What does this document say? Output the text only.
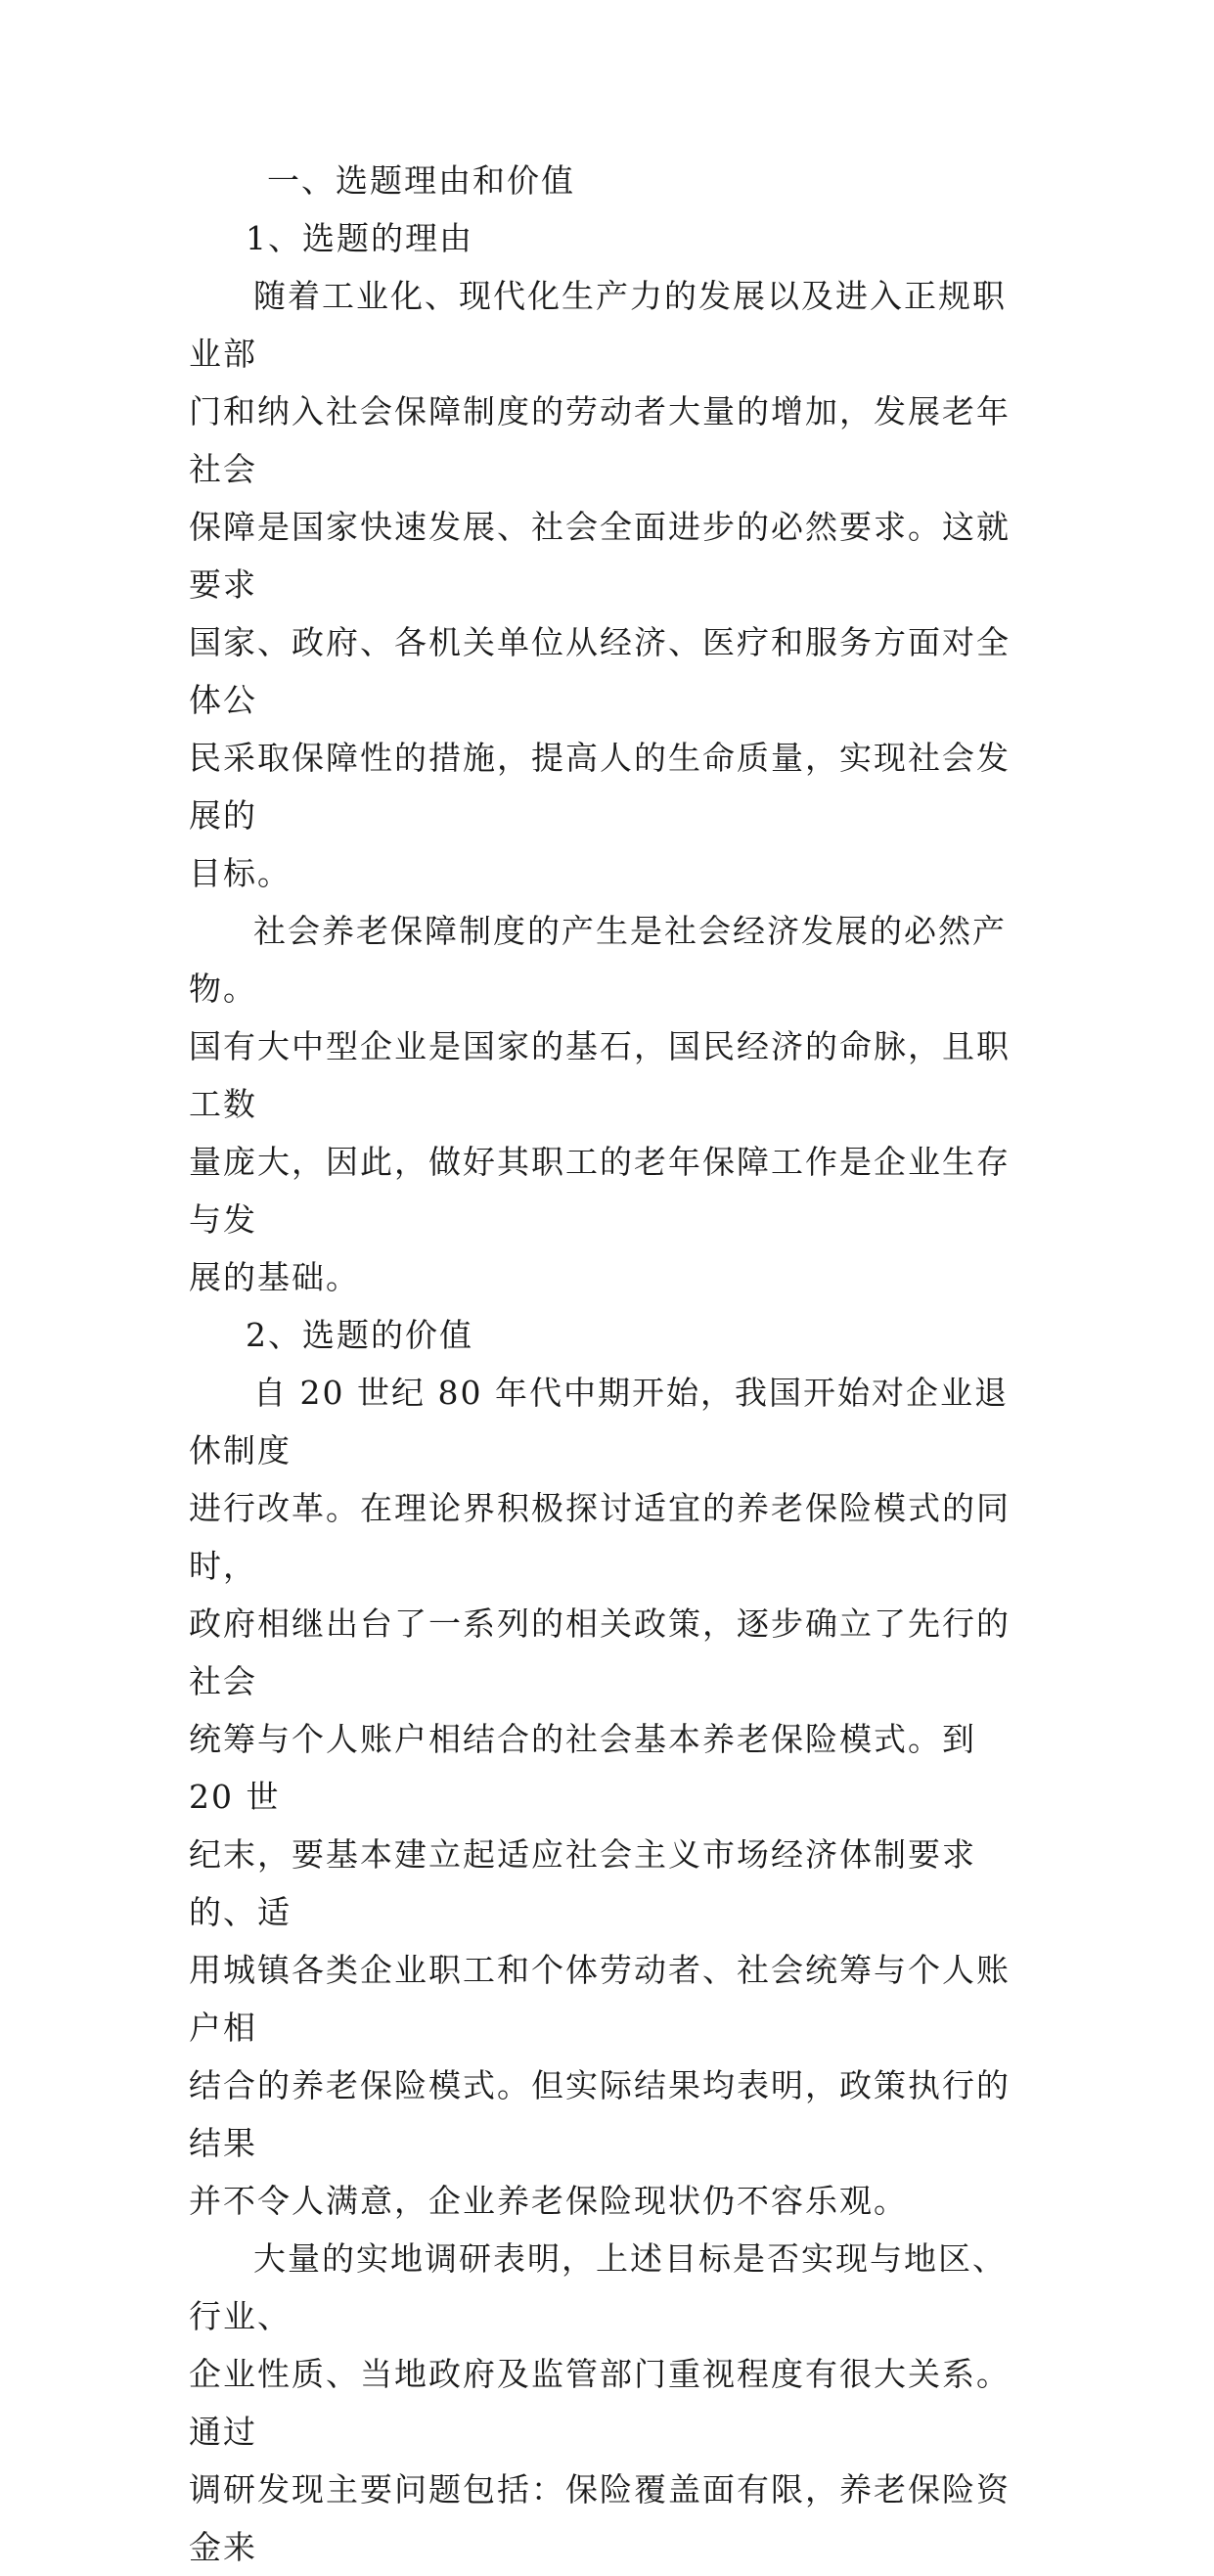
一、选题理由和价值

1、选题的理由

随着工业化、现代化生产力的发展以及进入正规职业部
门和纳入社会保障制度的劳动者大量的增加，发展老年社会
保障是国家快速发展、社会全面进步的必然要求。这就要求
国家、政府、各机关单位从经济、医疗和服务方面对全体公
民采取保障性的措施，提高人的生命质量，实现社会发展的
目标。
社会养老保障制度的产生是社会经济发展的必然产物。
国有大中型企业是国家的基石，国民经济的命脉，且职工数
量庞大，因此，做好其职工的老年保障工作是企业生存与发
展的基础。

2、选题的价值

自 20 世纪 80 年代中期开始，我国开始对企业退休制度
进行改革。在理论界积极探讨适宜的养老保险模式的同时，
政府相继出台了一系列的相关政策，逐步确立了先行的社会
统筹与个人账户相结合的社会基本养老保险模式。到 20 世
纪末，要基本建立起适应社会主义市场经济体制要求的、适
用城镇各类企业职工和个体劳动者、社会统筹与个人账户相
结合的养老保险模式。但实际结果均表明，政策执行的结果
并不令人满意，企业养老保险现状仍不容乐观。
大量的实地调研表明，上述目标是否实现与地区、行业、
企业性质、当地政府及监管部门重视程度有很大关系。通过
调研发现主要问题包括：保险覆盖面有限，养老保险资金来
